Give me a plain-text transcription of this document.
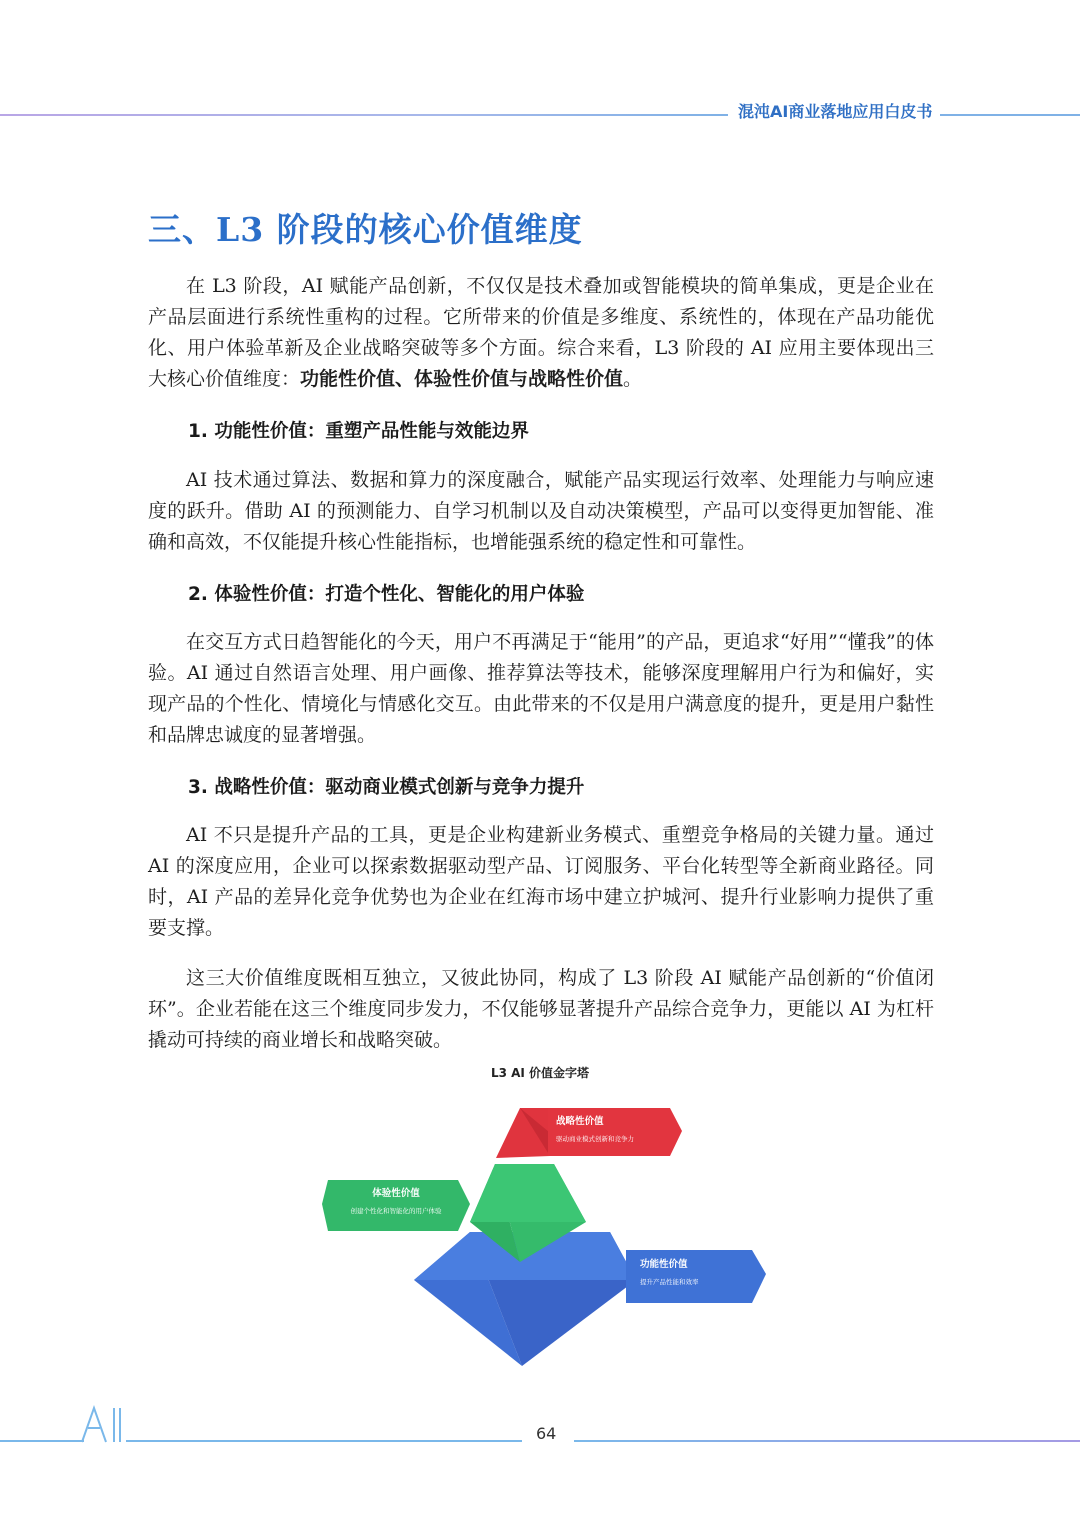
混沌AI商业落地应用白皮书
三、L3 阶段的核心价值维度

在 L3 阶段，AI 赋能产品创新，不仅仅是技术叠加或智能模块的简单集成，更是企业在产品层面进行系统性重构的过程。它所带来的价值是多维度、系统性的，体现在产品功能优化、用户体验革新及企业战略突破等多个方面。综合来看，L3 阶段的 AI 应用主要体现出三大核心价值维度：功能性价值、体验性价值与战略性价值。

1. 功能性价值：重塑产品性能与效能边界

AI 技术通过算法、数据和算力的深度融合，赋能产品实现运行效率、处理能力与响应速度的跃升。借助 AI 的预测能力、自学习机制以及自动决策模型，产品可以变得更加智能、准确和高效，不仅能提升核心性能指标，也增能强系统的稳定性和可靠性。

2. 体验性价值：打造个性化、智能化的用户体验

在交互方式日趋智能化的今天，用户不再满足于“能用”的产品，更追求“好用”“懂我”的体验。AI 通过自然语言处理、用户画像、推荐算法等技术，能够深度理解用户行为和偏好，实现产品的个性化、情境化与情感化交互。由此带来的不仅是用户满意度的提升，更是用户黏性和品牌忠诚度的显著增强。

3. 战略性价值：驱动商业模式创新与竞争力提升

AI 不只是提升产品的工具，更是企业构建新业务模式、重塑竞争格局的关键力量。通过 AI 的深度应用，企业可以探索数据驱动型产品、订阅服务、平台化转型等全新商业路径。同时，AI 产品的差异化竞争优势也为企业在红海市场中建立护城河、提升行业影响力提供了重要支撑。

这三大价值维度既相互独立，又彼此协同，构成了 L3 阶段 AI 赋能产品创新的“价值闭环”。企业若能在这三个维度同步发力，不仅能够显著提升产品综合竞争力，更能以 AI 为杠杆撬动可持续的商业增长和战略突破。

L3 AI 价值金字塔
功能性价值
提升产品性能和效率
体验性价值
创建个性化和智能化的用户体验
战略性价值
驱动商业模式创新和竞争力
AI	64
